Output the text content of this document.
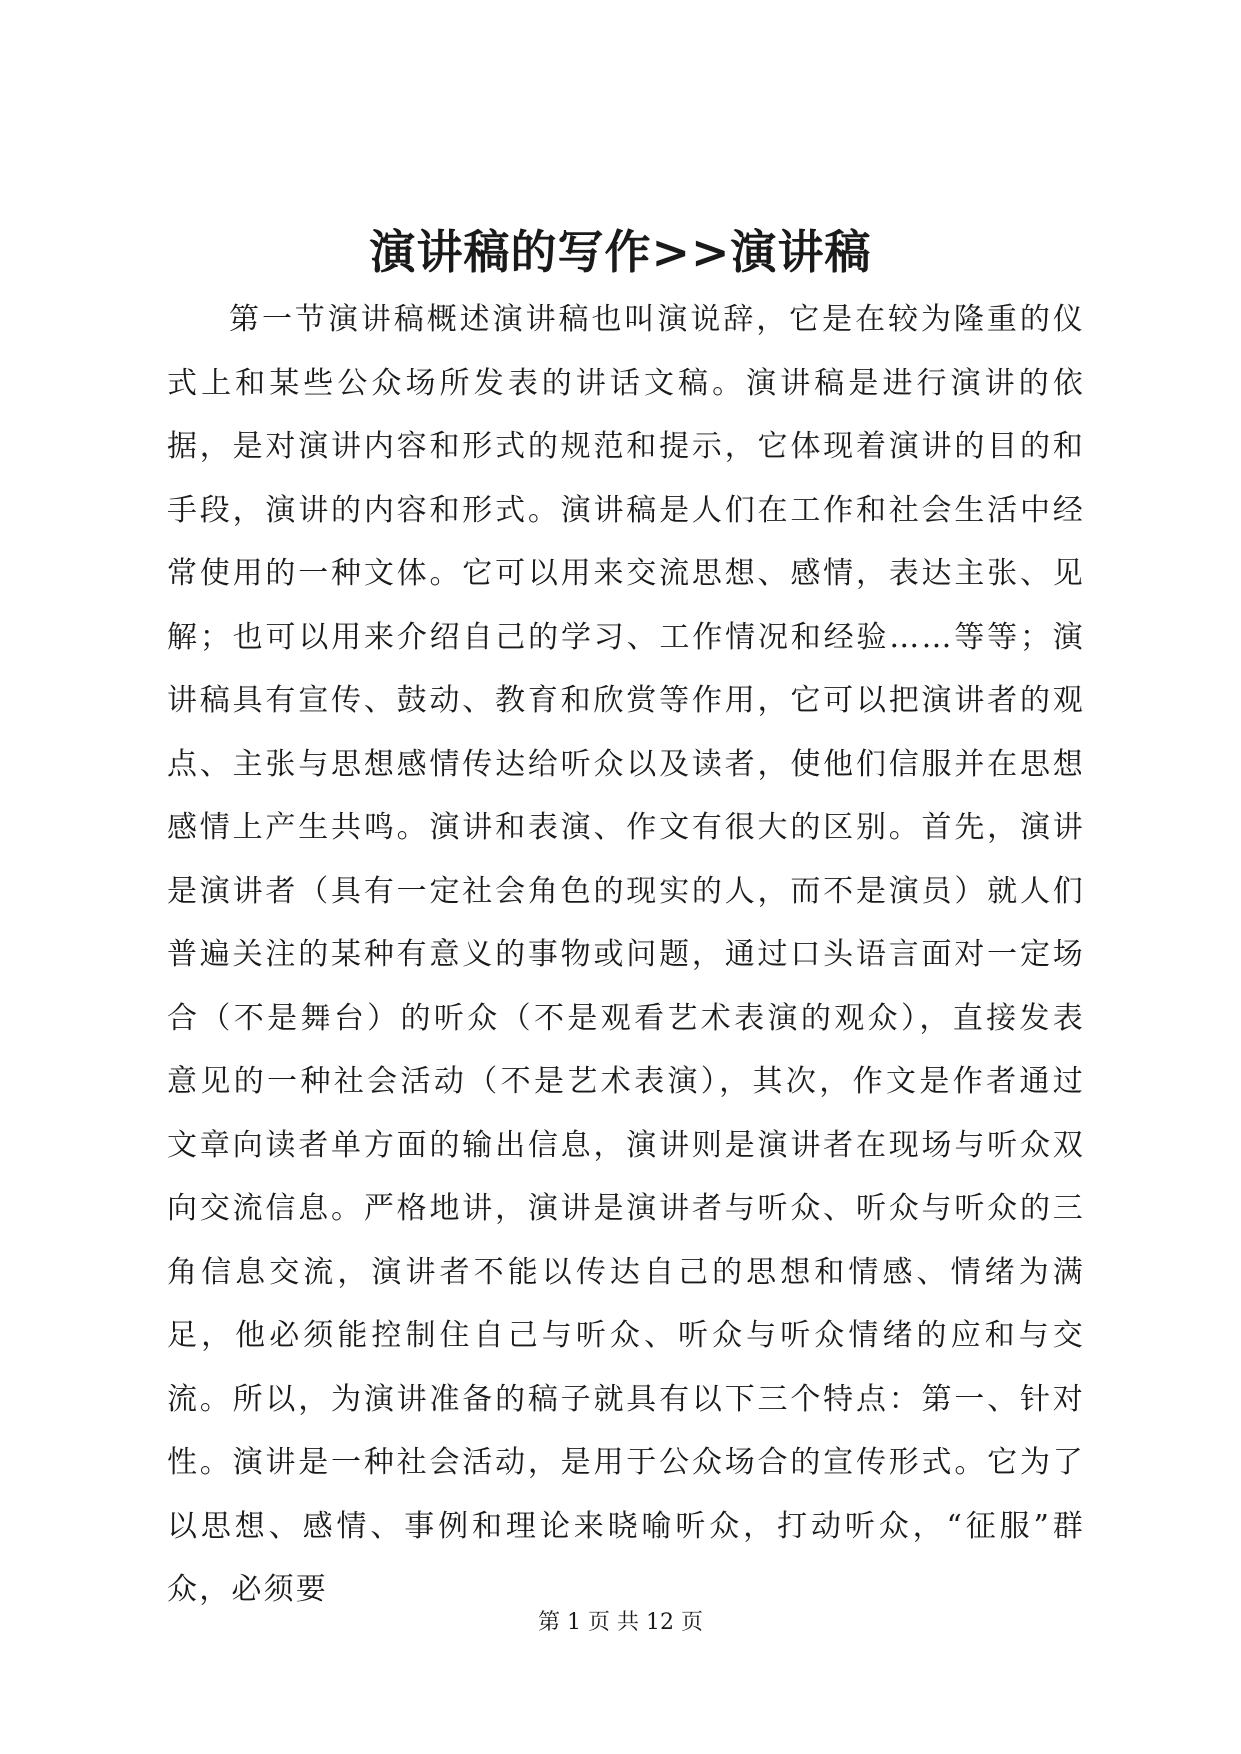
演讲稿的写作>>演讲稿

第一节演讲稿概述演讲稿也叫演说辞，它是在较为隆重的仪式上和某些公众场所发表的讲话文稿。演讲稿是进行演讲的依据，是对演讲内容和形式的规范和提示，它体现着演讲的目的和手段，演讲的内容和形式。演讲稿是人们在工作和社会生活中经常使用的一种文体。它可以用来交流思想、感情，表达主张、见解；也可以用来介绍自己的学习、工作情况和经验……等等；演讲稿具有宣传、鼓动、教育和欣赏等作用，它可以把演讲者的观点、主张与思想感情传达给听众以及读者，使他们信服并在思想感情上产生共鸣。演讲和表演、作文有很大的区别。首先，演讲是演讲者（具有一定社会角色的现实的人，而不是演员）就人们普遍关注的某种有意义的事物或问题，通过口头语言面对一定场合（不是舞台）的听众（不是观看艺术表演的观众），直接发表意见的一种社会活动（不是艺术表演），其次，作文是作者通过文章向读者单方面的输出信息，演讲则是演讲者在现场与听众双向交流信息。严格地讲，演讲是演讲者与听众、听众与听众的三角信息交流，演讲者不能以传达自己的思想和情感、情绪为满足，他必须能控制住自己与听众、听众与听众情绪的应和与交流。所以，为演讲准备的稿子就具有以下三个特点：第一、针对性。演讲是一种社会活动，是用于公众场合的宣传形式。它为了以思想、感情、事例和理论来晓喻听众，打动听众，“征服”群众，必须要

第 1 页 共 12 页
